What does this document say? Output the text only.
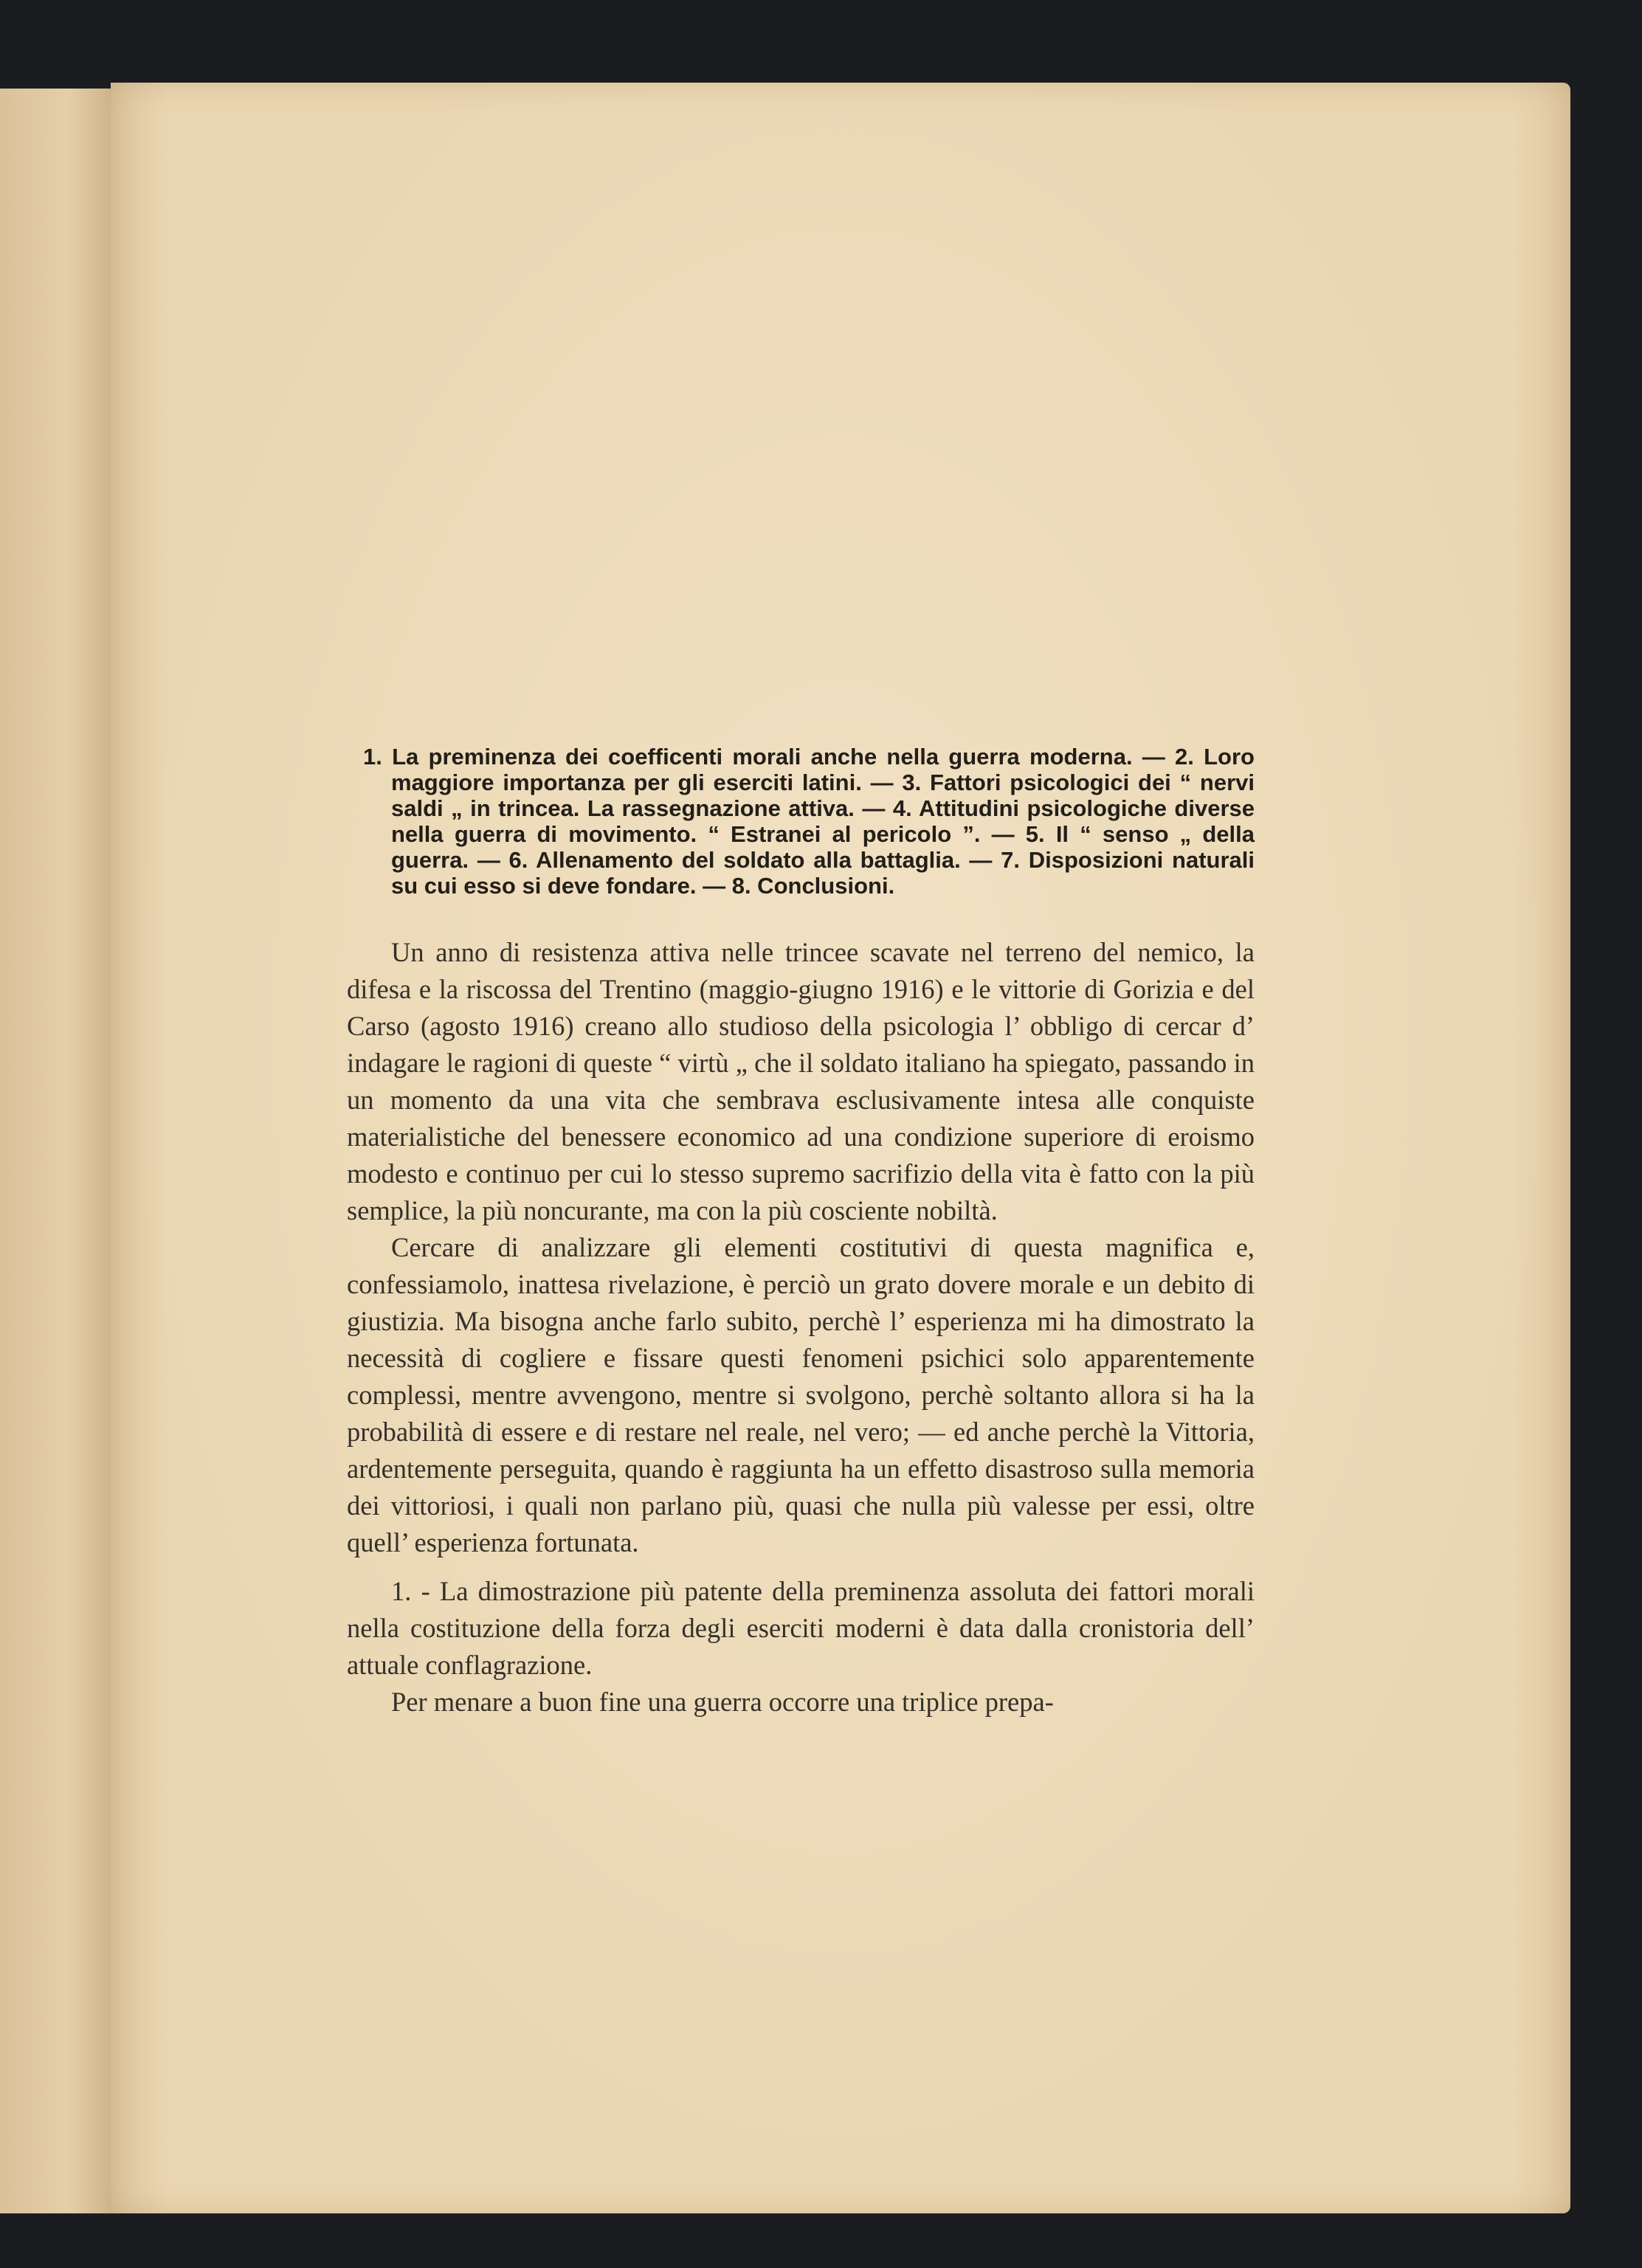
1. La preminenza dei coefficenti morali anche nella guerra moderna. — 2. Loro maggiore importanza per gli eserciti latini. — 3. Fattori psicologici dei “ nervi saldi „ in trincea. La rassegnazione attiva. — 4. Attitudini psicologiche diverse nella guerra di movimento. “ Estranei al pericolo ”. — 5. Il “ senso „ della guerra. — 6. Allenamento del soldato alla battaglia. — 7. Disposizioni naturali su cui esso si deve fondare. — 8. Conclusioni.

Un anno di resistenza attiva nelle trincee scavate nel terreno del nemico, la difesa e la riscossa del Trentino (maggio-giugno 1916) e le vittorie di Gorizia e del Carso (agosto 1916) creano allo studioso della psicologia l’ obbligo di cercar d’ indagare le ragioni di queste “ virtù „ che il soldato italiano ha spiegato, passando in un momento da una vita che sembrava esclusivamente intesa alle conquiste materialistiche del benessere economico ad una condizione superiore di eroismo modesto e continuo per cui lo stesso supremo sacrifizio della vita è fatto con la più semplice, la più noncurante, ma con la più cosciente nobiltà.

Cercare di analizzare gli elementi costitutivi di questa magnifica e, confessiamolo, inattesa rivelazione, è perciò un grato dovere morale e un debito di giustizia. Ma bisogna anche farlo subito, perchè l’ esperienza mi ha dimostrato la necessità di cogliere e fissare questi fenomeni psichici solo apparentemente complessi, mentre avvengono, mentre si svolgono, perchè soltanto allora si ha la probabilità di essere e di restare nel reale, nel vero; — ed anche perchè la Vittoria, ardentemente perseguita, quando è raggiunta ha un effetto disastroso sulla memoria dei vittoriosi, i quali non parlano più, quasi che nulla più valesse per essi, oltre quell’ esperienza fortunata.

1. - La dimostrazione più patente della preminenza assoluta dei fattori morali nella costituzione della forza degli eserciti moderni è data dalla cronistoria dell’ attuale conflagrazione.

Per menare a buon fine una guerra occorre una triplice prepa-
